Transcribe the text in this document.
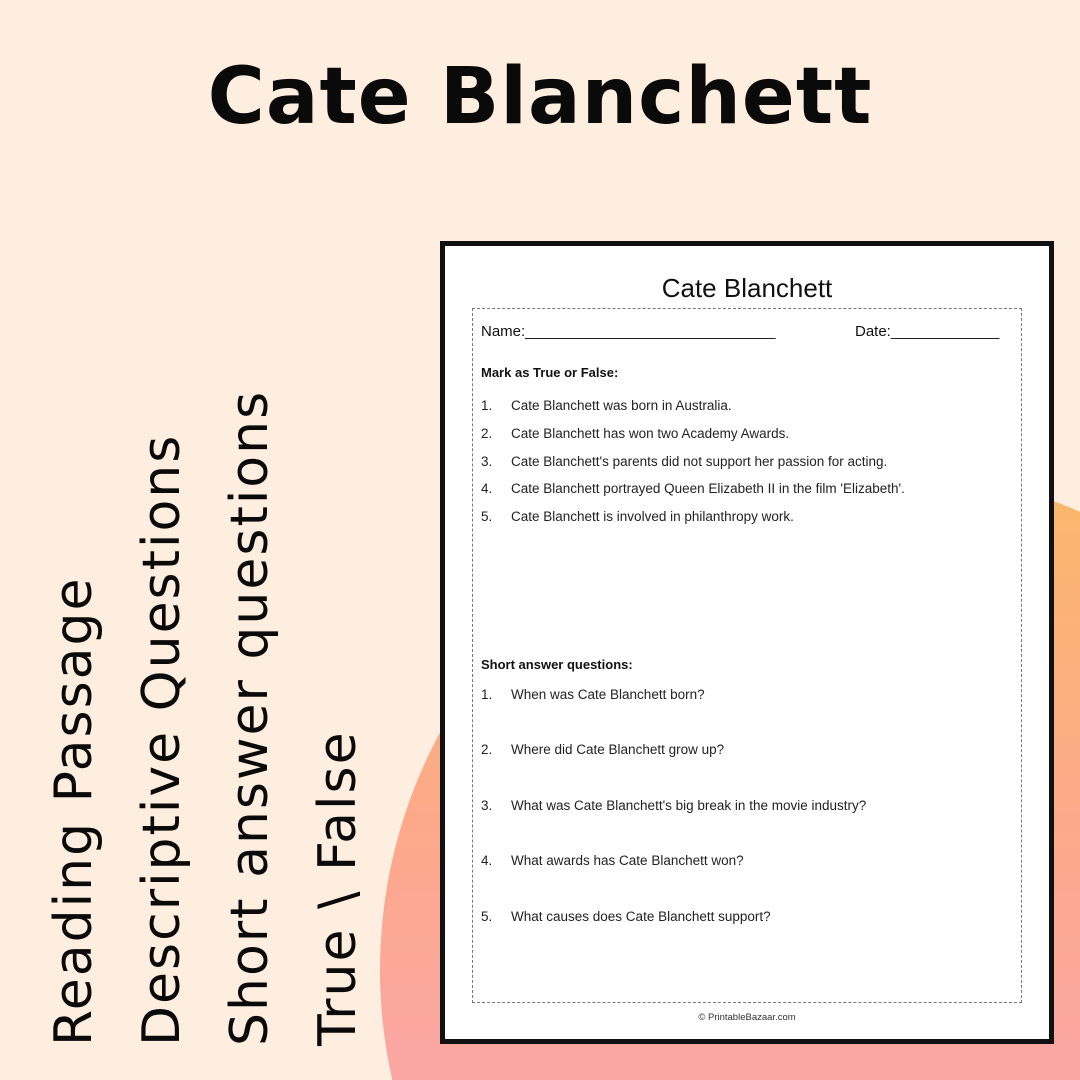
Cate Blanchett
Reading Passage Descriptive Questions Short answer questions True \ False
Cate Blanchett
Name:______________________________	Date:_____________
Mark as True or False:
1. Cate Blanchett was born in Australia.
2. Cate Blanchett has won two Academy Awards.
3. Cate Blanchett's parents did not support her passion for acting.
4. Cate Blanchett portrayed Queen Elizabeth II in the film 'Elizabeth'.
5. Cate Blanchett is involved in philanthropy work.
Short answer questions:
1. When was Cate Blanchett born?
2. Where did Cate Blanchett grow up?
3. What was Cate Blanchett's big break in the movie industry?
4. What awards has Cate Blanchett won?
5. What causes does Cate Blanchett support?
© PrintableBazaar.com
